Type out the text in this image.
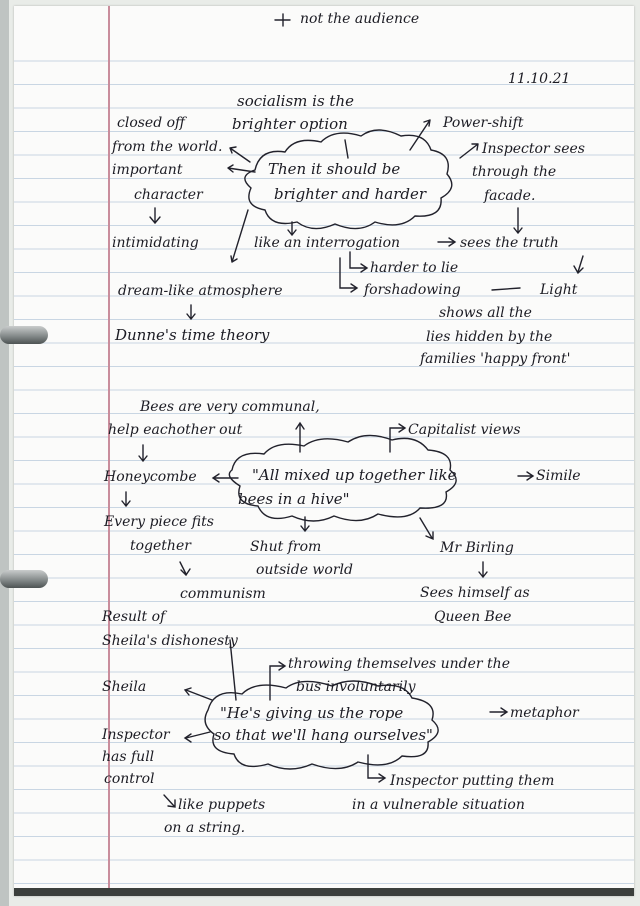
not the audience
11.10.21
socialism is the
brighter option
closed off
from the world.
Power-shift
Inspector sees
through the
facade.
important
character
Then it should be
brighter and harder
intimidating	like an interrogation	sees the truth
harder to lie
dream-like atmosphere	forshadowing	Light
shows all the
lies hidden by the
families 'happy front'
Dunne's time theory
Bees are very communal,
help eachother out	Capitalist views
Honeycombe	"All mixed up together like
bees in a hive"
Simile
Every piece fits
together	Shut from
outside world
Mr Birling
communism	Sees himself as
Queen Bee
Result of
Sheila's dishonesty
throwing themselves under the
bus involuntarily
Sheila
"He's giving us the rope
so that we'll hang ourselves"
metaphor
Inspector
has full
control	Inspector putting them
in a vulnerable situation
like puppets
on a string.
